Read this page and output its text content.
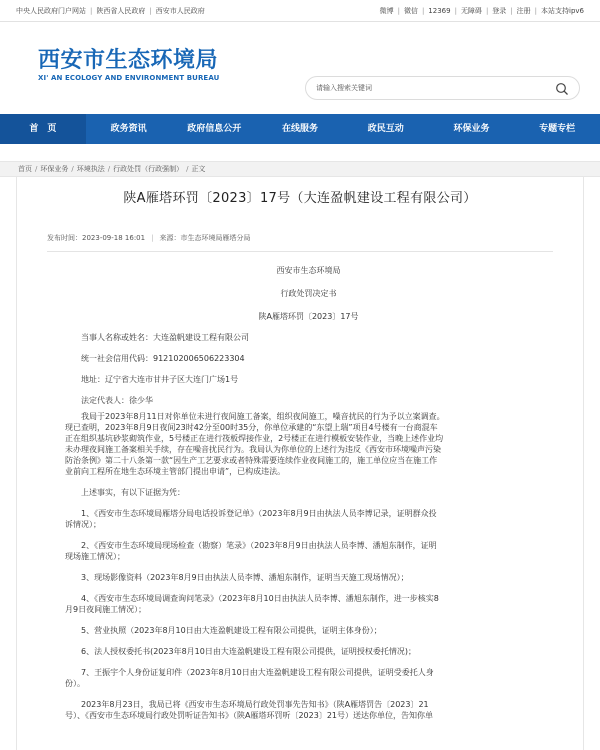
中央人民政府门户网站 | 陕西省人民政府 | 西安市人民政府	微博 | 微信 | 12369 | 无障碍 | 登录 | 注册 | 本站支持ipv6
西安市生态环境局
XI' AN ECOLOGY AND ENVIRONMENT BUREAU
请输入搜索关键词
首　页	政务资讯	政府信息公开	在线服务	政民互动	环保业务	专题专栏
首页 / 环保业务 / 环境执法 / 行政处罚（行政强制） / 正文
陕A雁塔环罚〔2023〕17号（大连盈帆建设工程有限公司）
发布时间：2023-09-18 16:01 | 来源：市生态环境局雁塔分局

西安市生态环境局

行政处罚决定书

陕A雁塔环罚〔2023〕17号

当事人名称或姓名：大连盈帆建设工程有限公司

统一社会信用代码：912102006506223304

地址：辽宁省大连市甘井子区大连门广场1号

法定代表人：徐少华

我局于2023年8月11日对你单位未进行夜间施工备案，组织夜间施工，噪音扰民的行为予以立案调查。

现已查明，2023年8月9日夜间23时42分至00时35分，你单位承建的“东望上瑞”项目4号楼有一台商混车

正在组织基坑砂浆砌筑作业，5号楼正在进行筏板焊接作业，2号楼正在进行模板安装作业，当晚上述作业均

未办理夜间施工备案相关手续，存在噪音扰民行为。我局认为你单位的上述行为违反《西安市环境噪声污染

防治条例》第二十八条第一款“因生产工艺要求或者特殊需要连续作业夜间施工的，施工单位应当在施工作

业前向工程所在地生态环境主管部门提出申请”，已构成违法。

上述事实，有以下证据为凭：

1、《西安市生态环境局雁塔分局电话投诉登记单》（2023年8月9日由执法人员李博记录，证明群众投

诉情况）；

2、《西安市生态环境局现场检查（勘察）笔录》（2023年8月9日由执法人员李博、潘旭东制作，证明

现场施工情况）；

3、现场影像资料（2023年8月9日由执法人员李博、潘旭东制作，证明当天施工现场情况）；

4、《西安市生态环境局调查询问笔录》（2023年8月10日由执法人员李博、潘旭东制作，进一步核实8

月9日夜间施工情况）；

5、营业执照（2023年8月10日由大连盈帆建设工程有限公司提供，证明主体身份）；

6、法人授权委托书(2023年8月10日由大连盈帆建设工程有限公司提供，证明授权委托情况)；

7、王振宇个人身份证复印件（2023年8月10日由大连盈帆建设工程有限公司提供，证明受委托人身

份）。

2023年8月23日，我局已将《西安市生态环境局行政处罚事先告知书》（陕A雁塔罚告〔2023〕21

号）、《西安市生态环境局行政处罚听证告知书》（陕A雁塔环罚听〔2023〕21号）送达你单位，告知你单
